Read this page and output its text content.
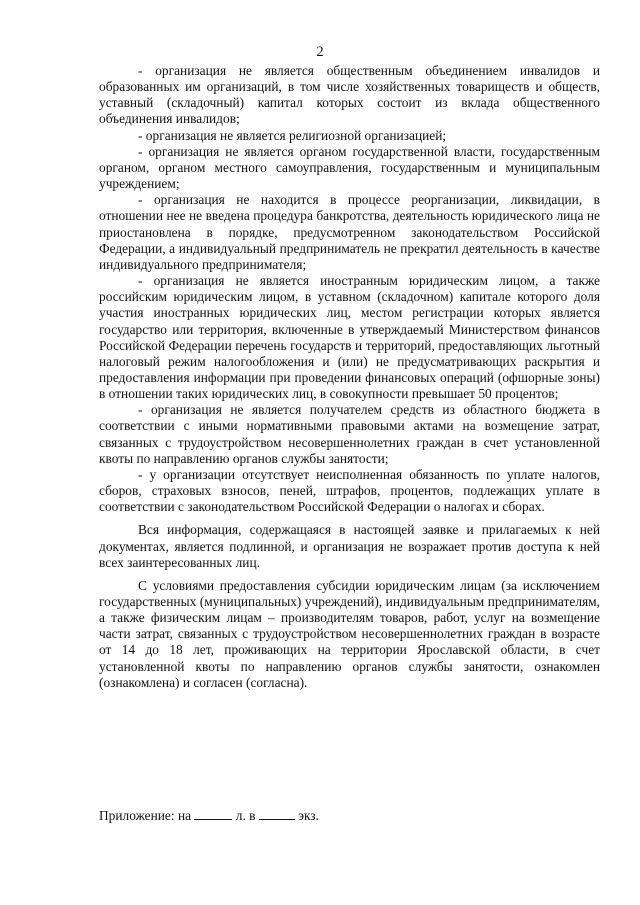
2

- организация не является общественным объединением инвалидов и образованных им организаций, в том числе хозяйственных товариществ и обществ, уставный (складочный) капитал которых состоит из вклада общественного объединения инвалидов;

- организация не является религиозной организацией;

- организация не является органом государственной власти, государственным органом, органом местного самоуправления, государственным и муниципальным учреждением;

- организация не находится в процессе реорганизации, ликвидации, в отношении нее не введена процедура банкротства, деятельность юридического лица не приостановлена в порядке, предусмотренном законодательством Российской Федерации, а индивидуальный предприниматель не прекратил деятельность в качестве индивидуального предпринимателя;

- организация не является иностранным юридическим лицом, а также российским юридическим лицом, в уставном (складочном) капитале которого доля участия иностранных юридических лиц, местом регистрации которых является государство или территория, включенные в утверждаемый Министерством финансов Российской Федерации перечень государств и территорий, предоставляющих льготный налоговый режим налогообложения и (или) не предусматривающих раскрытия и предоставления информации при проведении финансовых операций (офшорные зоны) в отношении таких юридических лиц, в совокупности превышает 50 процентов;

- организация не является получателем средств из областного бюджета в соответствии с иными нормативными правовыми актами на возмещение затрат, связанных с трудоустройством несовершеннолетних граждан в счет установленной квоты по направлению органов службы занятости;

- у организации отсутствует неисполненная обязанность по уплате налогов, сборов, страховых взносов, пеней, штрафов, процентов, подлежащих уплате в соответствии с законодательством Российской Федерации о налогах и сборах.

Вся информация, содержащаяся в настоящей заявке и прилагаемых к ней документах, является подлинной, и организация не возражает против доступа к ней всех заинтересованных лиц.

С условиями предоставления субсидии юридическим лицам (за исключением государственных (муниципальных) учреждений), индивидуальным предпринимателям, а также физическим лицам – производителям товаров, работ, услуг на возмещение части затрат, связанных с трудоустройством несовершеннолетних граждан в возрасте от 14 до 18 лет, проживающих на территории Ярославской области, в счет установленной квоты по направлению органов службы занятости, ознакомлен (ознакомлена) и согласен (согласна).

Приложение: на	л. в	экз.
